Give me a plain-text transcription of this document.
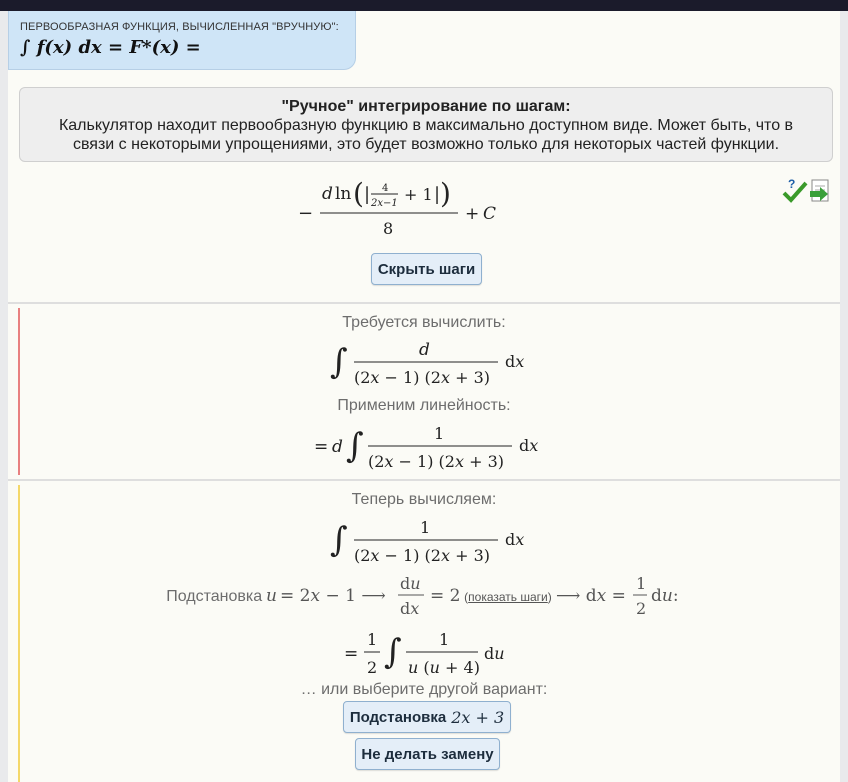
ПЕРВООБРАЗНАЯ ФУНКЦИЯ, ВЫЧИСЛЕННАЯ "ВРУЧНУЮ":
∫ f(x) dx = F*(x) =
"Ручное" интегрирование по шагам:
Калькулятор находит первообразную функцию в максимально доступном виде. Может быть, что в связи с некоторыми упрощениями, это будет возможно только для некоторых частей функции.
−
d ln ( | 4
2x−1 + 1 | )
8
+ C
?
Скрыть шаги
Требуется вычислить:
∫	d
(2x − 1) (2x + 3)
dx
Применим линейность:
= d ∫	1
(2x − 1) (2x + 3)
dx
Теперь вычисляем:
∫	1
(2x − 1) (2x + 3)
dx
Подстановка u = 2x − 1 ⟶
du
dx
= 2 ( показать шаги ) ⟶ dx =
1
2
du:
=
1
2 ∫ 1
u (u + 4)
du
… или выберите другой вариант:
Подстановка 2x + 3
Не делать замену
